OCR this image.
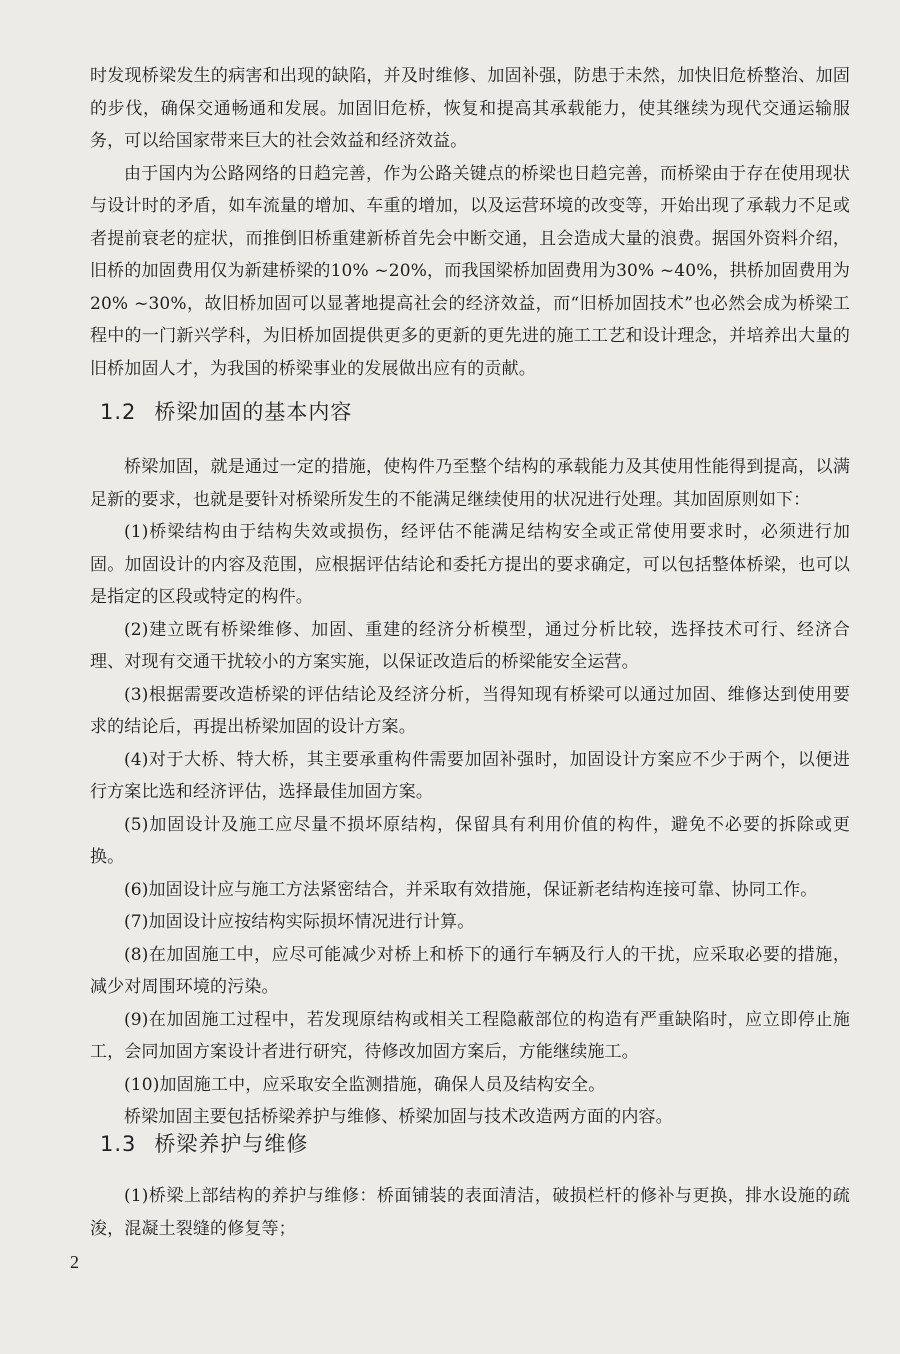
时发现桥梁发生的病害和出现的缺陷，并及时维修、加固补强，防患于未然，加快旧危桥整治、加固的步伐，确保交通畅通和发展。加固旧危桥，恢复和提高其承载能力，使其继续为现代交通运输服务，可以给国家带来巨大的社会效益和经济效益。

由于国内为公路网络的日趋完善，作为公路关键点的桥梁也日趋完善，而桥梁由于存在使用现状与设计时的矛盾，如车流量的增加、车重的增加，以及运营环境的改变等，开始出现了承载力不足或者提前衰老的症状，而推倒旧桥重建新桥首先会中断交通，且会造成大量的浪费。据国外资料介绍，旧桥的加固费用仅为新建桥梁的10% ~20%，而我国梁桥加固费用为30% ~40%，拱桥加固费用为20% ~30%，故旧桥加固可以显著地提高社会的经济效益，而“旧桥加固技术”也必然会成为桥梁工程中的一门新兴学科，为旧桥加固提供更多的更新的更先进的施工工艺和设计理念，并培养出大量的旧桥加固人才，为我国的桥梁事业的发展做出应有的贡献。

1.2 桥梁加固的基本内容

桥梁加固，就是通过一定的措施，使构件乃至整个结构的承载能力及其使用性能得到提高，以满足新的要求，也就是要针对桥梁所发生的不能满足继续使用的状况进行处理。其加固原则如下：

(1)桥梁结构由于结构失效或损伤，经评估不能满足结构安全或正常使用要求时，必须进行加固。加固设计的内容及范围，应根据评估结论和委托方提出的要求确定，可以包括整体桥梁，也可以是指定的区段或特定的构件。

(2)建立既有桥梁维修、加固、重建的经济分析模型，通过分析比较，选择技术可行、经济合理、对现有交通干扰较小的方案实施，以保证改造后的桥梁能安全运营。

(3)根据需要改造桥梁的评估结论及经济分析，当得知现有桥梁可以通过加固、维修达到使用要求的结论后，再提出桥梁加固的设计方案。

(4)对于大桥、特大桥，其主要承重构件需要加固补强时，加固设计方案应不少于两个，以便进行方案比选和经济评估，选择最佳加固方案。

(5)加固设计及施工应尽量不损坏原结构，保留具有利用价值的构件，避免不必要的拆除或更换。

(6)加固设计应与施工方法紧密结合，并采取有效措施，保证新老结构连接可靠、协同工作。

(7)加固设计应按结构实际损坏情况进行计算。

(8)在加固施工中，应尽可能减少对桥上和桥下的通行车辆及行人的干扰，应采取必要的措施，减少对周围环境的污染。

(9)在加固施工过程中，若发现原结构或相关工程隐蔽部位的构造有严重缺陷时，应立即停止施工，会同加固方案设计者进行研究，待修改加固方案后，方能继续施工。

(10)加固施工中，应采取安全监测措施，确保人员及结构安全。

桥梁加固主要包括桥梁养护与维修、桥梁加固与技术改造两方面的内容。

1.3 桥梁养护与维修

(1)桥梁上部结构的养护与维修：桥面铺装的表面清洁，破损栏杆的修补与更换，排水设施的疏浚，混凝土裂缝的修复等；

2
